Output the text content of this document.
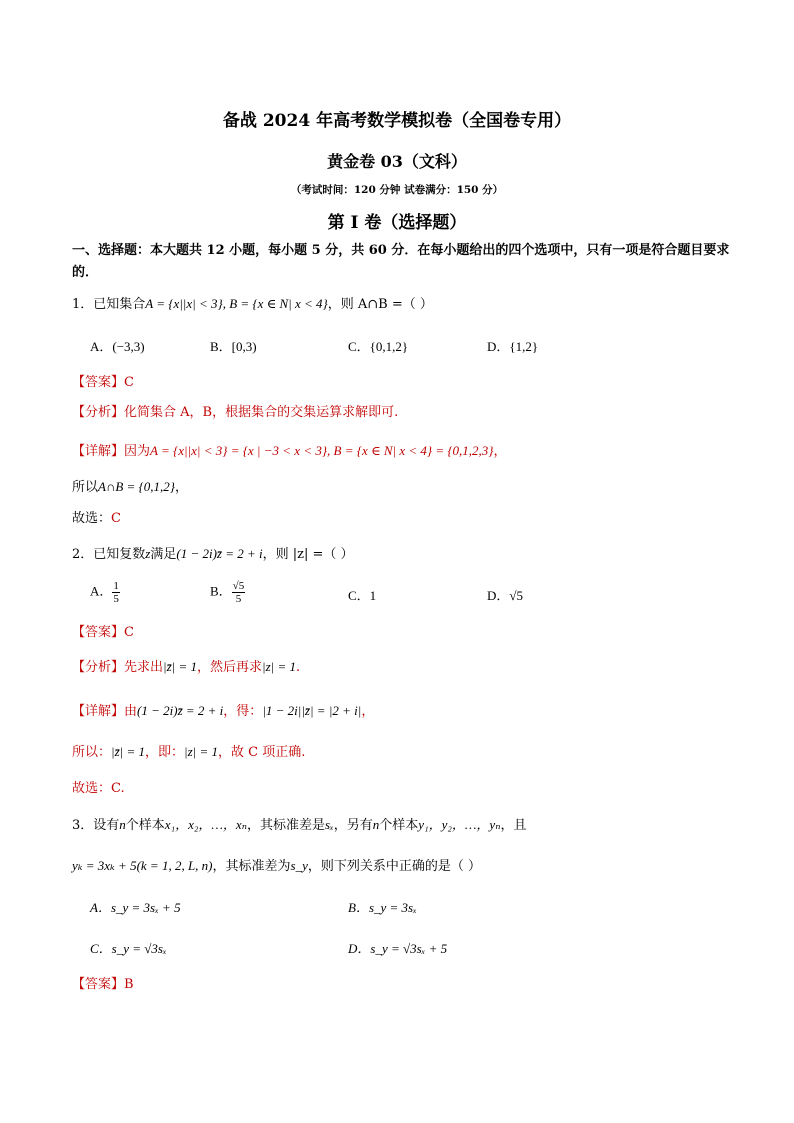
备战 2024 年高考数学模拟卷（全国卷专用）
黄金卷 03（文科）
（考试时间：120 分钟 试卷满分：150 分）
第 I 卷（选择题）
一、选择题：本大题共 12 小题，每小题 5 分，共 60 分．在每小题给出的四个选项中，只有一项是符合题目要求的．
1．已知集合A = {x||x| < 3}, B = {x ∈ N| x < 4}，则 A∩B =（ ）
A．(−3,3)	B．[0,3)	C．{0,1,2}	D．{1,2}
【答案】C
【分析】化简集合 A，B，根据集合的交集运算求解即可.
【详解】因为A = {x||x| < 3} = {x | −3 < x < 3}, B = {x ∈ N| x < 4} = {0,1,2,3}，
所以A∩B = {0,1,2}，
故选：C
2．已知复数z满足(1 − 2i)z̄ = 2 + i，则 |z| =（ ）
A． $\frac{1}{5}$	B． $\frac{√5}{5}$	C．1	D．√5
【答案】C
【分析】先求出|z̄| = 1，然后再求|z| = 1.
【详解】由(1 − 2i)z̄ = 2 + i，得：|1 − 2i||z̄| = |2 + i|，
所以：|z̄| = 1，即：|z| = 1，故 C 项正确.
故选：C.
3．设有n个样本x₁，x₂，…，xₙ，其标准差是sₓ，另有n个样本y₁，y₂，…，yₙ，且
yₖ = 3xₖ + 5(k = 1, 2, L, n)，其标准差为s_y，则下列关系中正确的是（ ）
A．s_y = 3sₓ + 5	B．s_y = 3sₓ
C．s_y = √3sₓ	D．s_y = √3sₓ + 5
【答案】B
